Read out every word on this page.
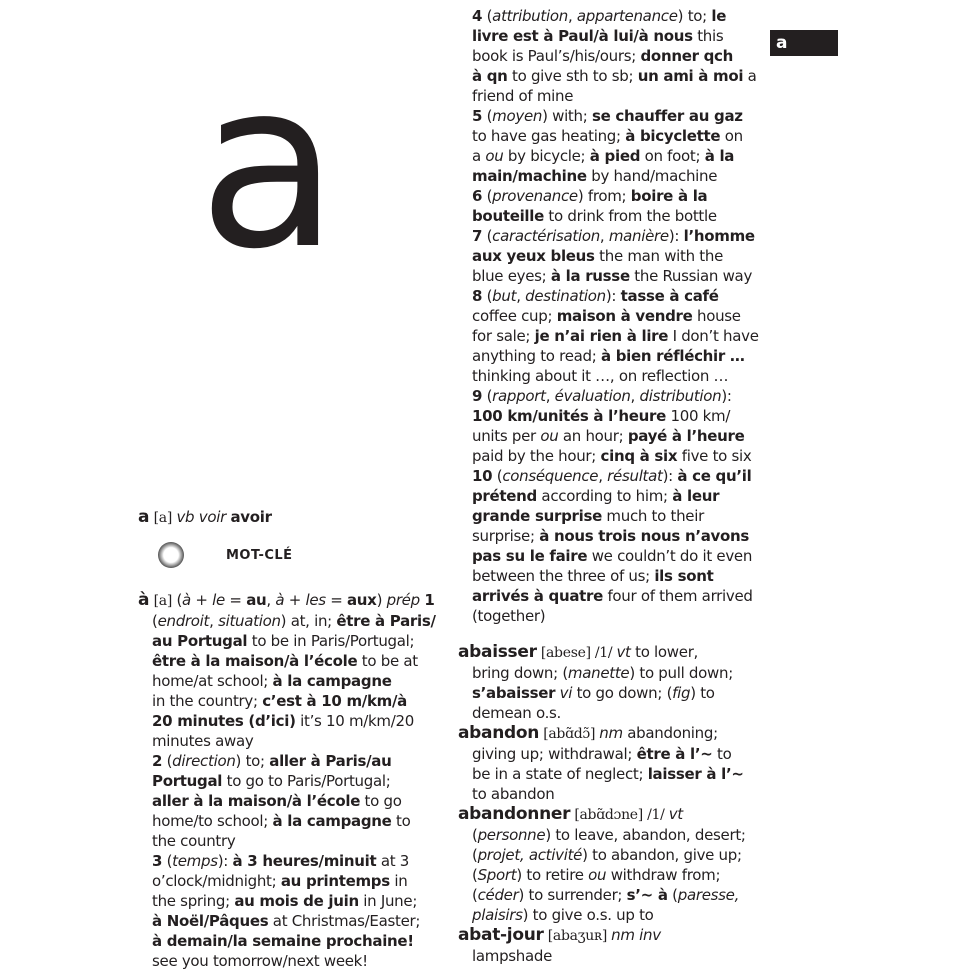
a	a
a [a] vb voir avoir
MOT-CLÉ
à [a] (à + le = au, à + les = aux) prép 1
(endroit, situation) at, in; être à Paris/
au Portugal to be in Paris/Portugal;
être à la maison/à l’école to be at
home/at school; à la campagne
in the country; c’est à 10 m/km/à
20 minutes (d’ici) it’s 10 m/km/20
minutes away
2 (direction) to; aller à Paris/au
Portugal to go to Paris/Portugal;
aller à la maison/à l’école to go
home/to school; à la campagne to
the country
3 (temps): à 3 heures/minuit at 3
o’clock/midnight; au printemps in
the spring; au mois de juin in June;
à Noël/Pâques at Christmas/Easter;
à demain/la semaine prochaine!
see you tomorrow/next week!
4 (attribution, appartenance) to; le
livre est à Paul/à lui/à nous this
book is Paul’s/his/ours; donner qch
à qn to give sth to sb; un ami à moi a
friend of mine
5 (moyen) with; se chauffer au gaz
to have gas heating; à bicyclette on
a ou by bicycle; à pied on foot; à la
main/machine by hand/machine
6 (provenance) from; boire à la
bouteille to drink from the bottle
7 (caractérisation, manière): l’homme
aux yeux bleus the man with the
blue eyes; à la russe the Russian way
8 (but, destination): tasse à café
coffee cup; maison à vendre house
for sale; je n’ai rien à lire I don’t have
anything to read; à bien réfléchir …
thinking about it …, on reflection …
9 (rapport, évaluation, distribution):
100 km/unités à l’heure 100 km/
units per ou an hour; payé à l’heure
paid by the hour; cinq à six five to six
10 (conséquence, résultat): à ce qu’il
prétend according to him; à leur
grande surprise much to their
surprise; à nous trois nous n’avons
pas su le faire we couldn’t do it even
between the three of us; ils sont
arrivés à quatre four of them arrived
(together)
abaisser [abese] /1/ vt to lower,
bring down; (manette) to pull down;
s’abaisser vi to go down; (fig) to
demean o.s.
abandon [abɑ̃dɔ̃] nm abandoning;
giving up; withdrawal; être à l’~ to
be in a state of neglect; laisser à l’~
to abandon
abandonner [abɑ̃dɔne] /1/ vt
(personne) to leave, abandon, desert;
(projet, activité) to abandon, give up;
(Sport) to retire ou withdraw from;
(céder) to surrender; s’~ à (paresse,
plaisirs) to give o.s. up to
abat-jour [abaʒuʀ] nm inv
lampshade
